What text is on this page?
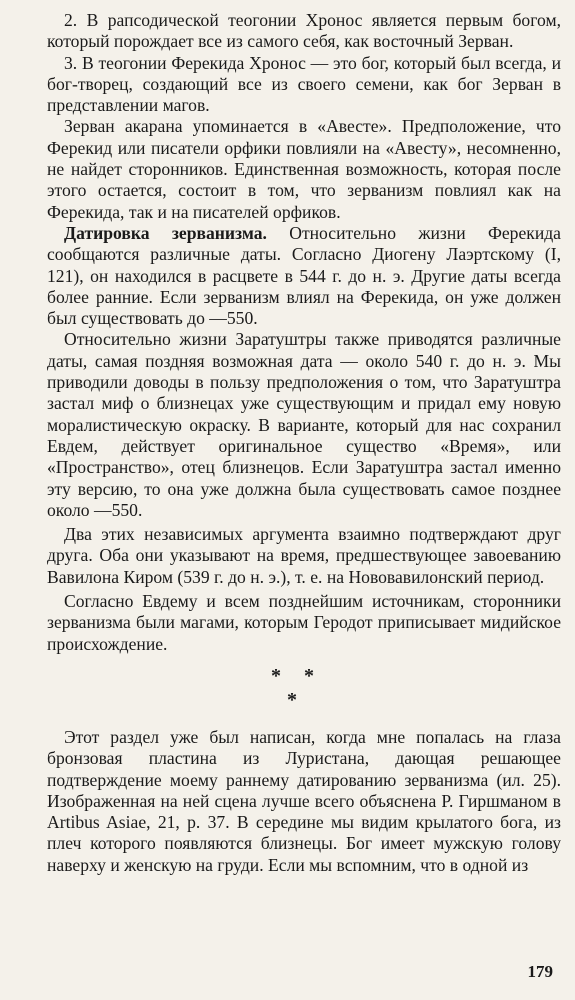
2. В рапсодической теогонии Хронос является первым богом, который порождает все из самого себя, как восточный Зерван.

3. В теогонии Ферекида Хронос — это бог, который был всегда, и бог-творец, создающий все из своего семени, как бог Зерван в представлении магов.

Зерван акарана упоминается в «Авесте». Предположение, что Ферекид или писатели орфики повлияли на «Авесту», несомненно, не найдет сторонников. Единственная возможность, которая после этого остается, состоит в том, что зерванизм повлиял как на Ферекида, так и на писателей орфиков.

Датировка зерванизма. Относительно жизни Ферекида сообщаются различные даты. Согласно Диогену Лаэртскому (I, 121), он находился в расцвете в 544 г. до н. э. Другие даты всегда более ранние. Если зерванизм влиял на Ферекида, он уже должен был существовать до —550.

Относительно жизни Заратуштры также приводятся различные даты, самая поздняя возможная дата — около 540 г. до н. э. Мы приводили доводы в пользу предположения о том, что Заратуштра застал миф о близнецах уже существующим и придал ему новую моралистическую окраску. В варианте, который для нас сохранил Евдем, действует оригинальное существо «Время», или «Пространство», отец близнецов. Если Заратуштра застал именно эту версию, то она уже должна была существовать самое позднее около —550.

Два этих независимых аргумента взаимно подтверждают друг друга. Оба они указывают на время, предшествующее завоеванию Вавилона Киром (539 г. до н. э.), т. е. на Нововавилонский период.

Согласно Евдему и всем позднейшим источникам, сторонники зерванизма были магами, которым Геродот приписывает мидийское происхождение.

* *
*

Этот раздел уже был написан, когда мне попалась на глаза бронзовая пластина из Луристана, дающая решающее подтверждение моему раннему датированию зерванизма (ил. 25). Изображенная на ней сцена лучше всего объяснена Р. Гиршманом в Artibus Asiae, 21, p. 37. В середине мы видим крылатого бога, из плеч которого появляются близнецы. Бог имеет мужскую голову наверху и женскую на груди. Если мы вспомним, что в одной из

179
